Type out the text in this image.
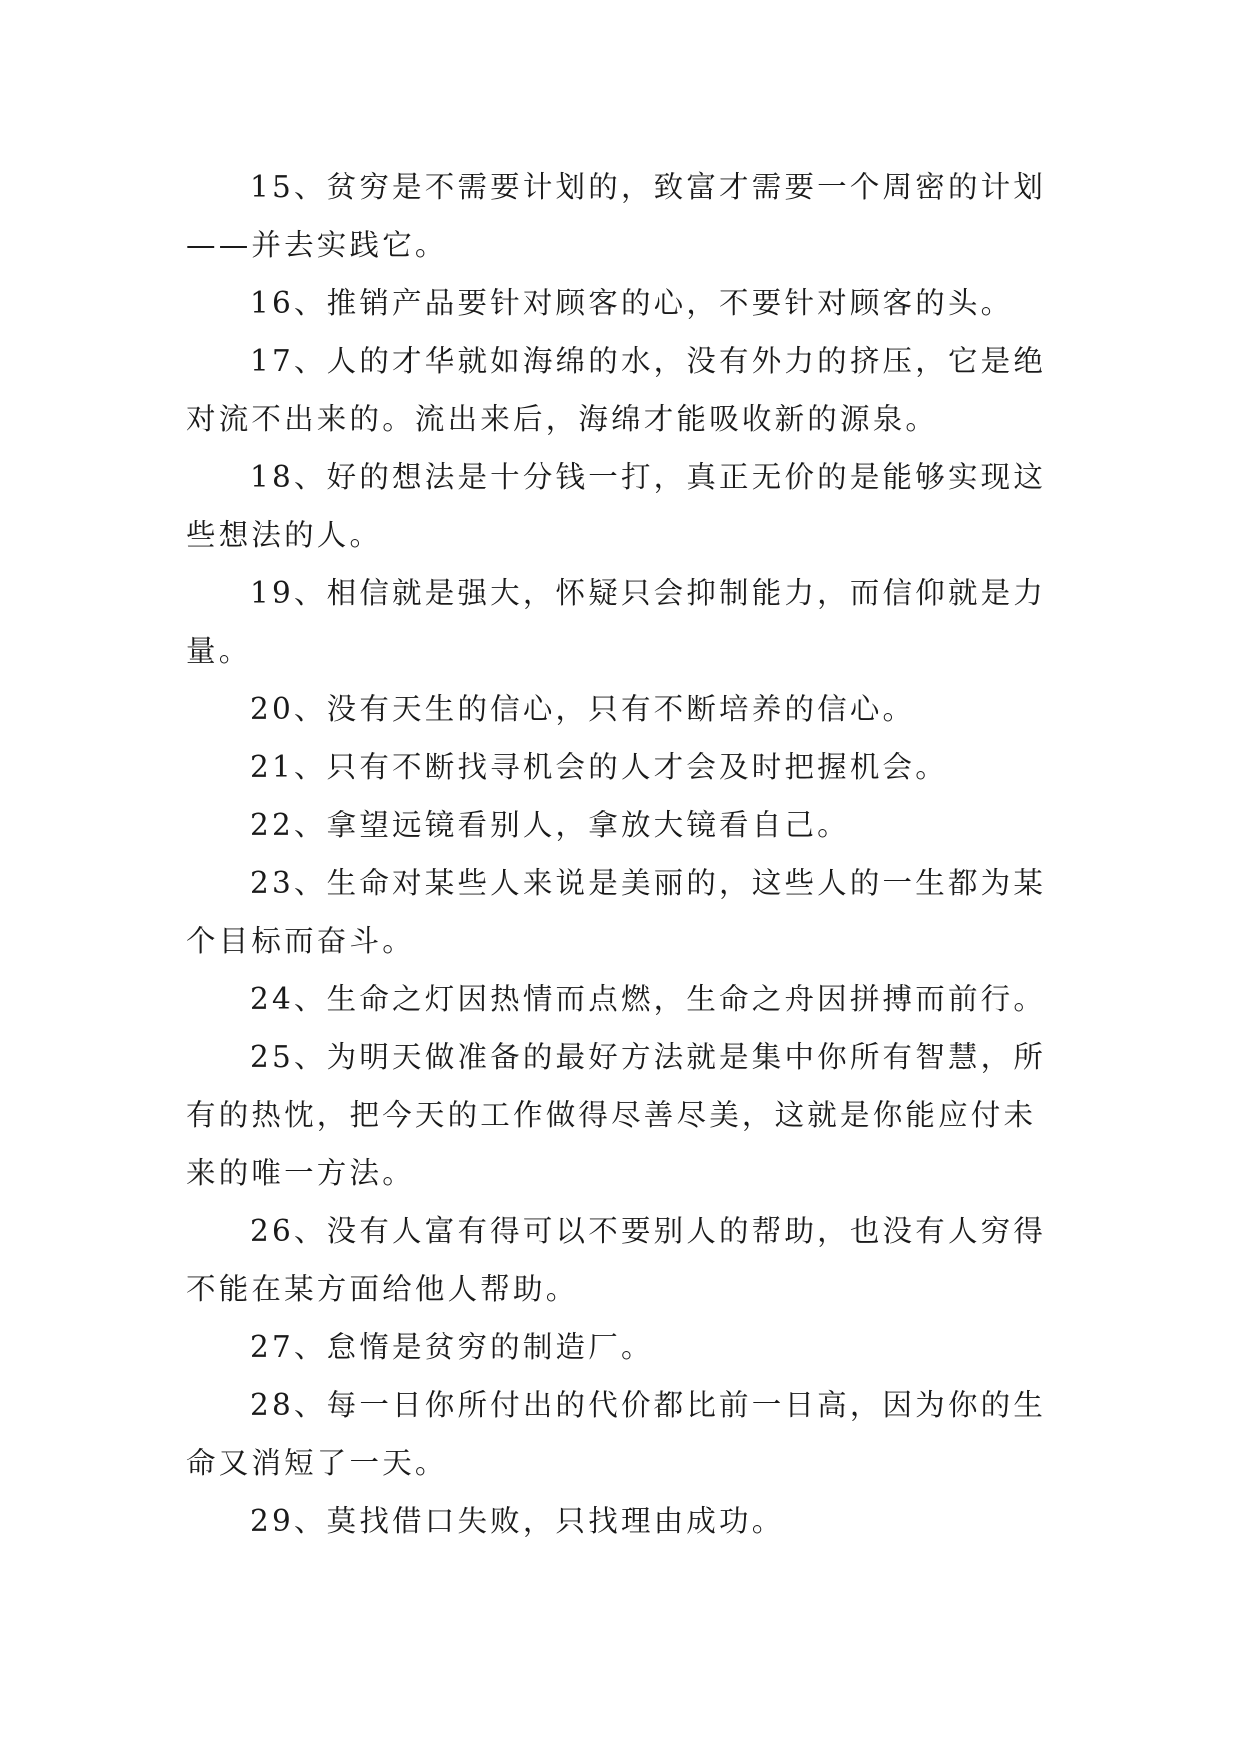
15、贫穷是不需要计划的，致富才需要一个周密的计划——并去实践它。

16、推销产品要针对顾客的心，不要针对顾客的头。

17、人的才华就如海绵的水，没有外力的挤压，它是绝对流不出来的。流出来后，海绵才能吸收新的源泉。

18、好的想法是十分钱一打，真正无价的是能够实现这些想法的人。

19、相信就是强大，怀疑只会抑制能力，而信仰就是力量。

20、没有天生的信心，只有不断培养的信心。

21、只有不断找寻机会的人才会及时把握机会。

22、拿望远镜看别人，拿放大镜看自己。

23、生命对某些人来说是美丽的，这些人的一生都为某个目标而奋斗。

24、生命之灯因热情而点燃，生命之舟因拼搏而前行。

25、为明天做准备的最好方法就是集中你所有智慧，所有的热忱，把今天的工作做得尽善尽美，这就是你能应付未来的唯一方法。

26、没有人富有得可以不要别人的帮助，也没有人穷得不能在某方面给他人帮助。

27、怠惰是贫穷的制造厂。

28、每一日你所付出的代价都比前一日高，因为你的生命又消短了一天。

29、莫找借口失败，只找理由成功。
